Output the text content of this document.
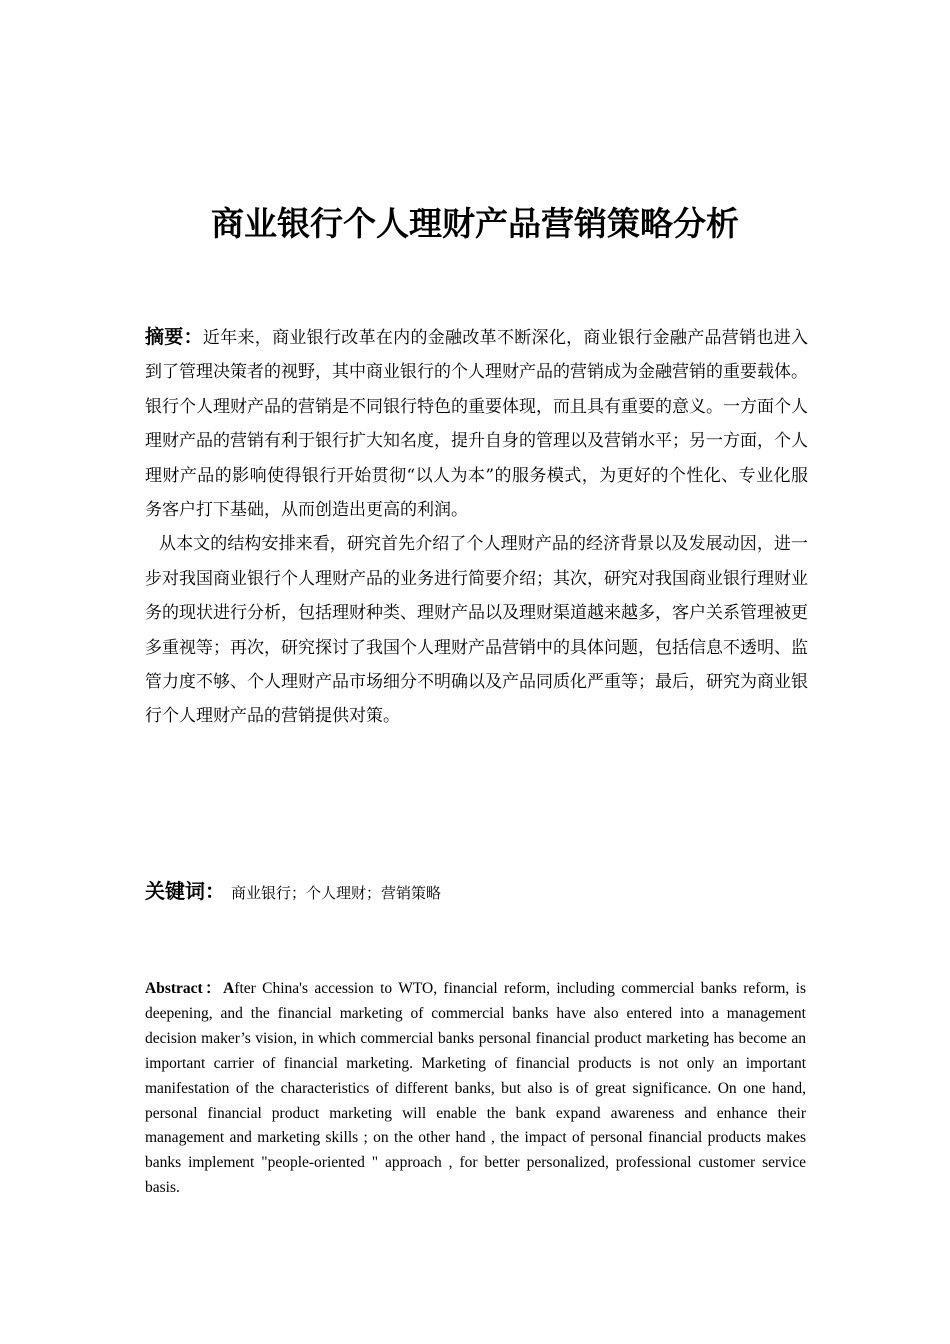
商业银行个人理财产品营销策略分析
摘要：近年来，商业银行改革在内的金融改革不断深化，商业银行金融产品营销也进入到了管理决策者的视野，其中商业银行的个人理财产品的营销成为金融营销的重要载体。银行个人理财产品的营销是不同银行特色的重要体现，而且具有重要的意义。一方面个人理财产品的营销有利于银行扩大知名度，提升自身的管理以及营销水平；另一方面，个人理财产品的影响使得银行开始贯彻“以人为本”的服务模式，为更好的个性化、专业化服务客户打下基础，从而创造出更高的利润。
从本文的结构安排来看，研究首先介绍了个人理财产品的经济背景以及发展动因，进一步对我国商业银行个人理财产品的业务进行简要介绍；其次，研究对我国商业银行理财业务的现状进行分析，包括理财种类、理财产品以及理财渠道越来越多，客户关系管理被更多重视等；再次，研究探讨了我国个人理财产品营销中的具体问题，包括信息不透明、监管力度不够、个人理财产品市场细分不明确以及产品同质化严重等；最后，研究为商业银行个人理财产品的营销提供对策。
关键词： 商业银行；个人理财；营销策略
Abstract：After China's accession to WTO, financial reform, including commercial banks reform, is deepening, and the financial marketing of commercial banks have also entered into a management decision maker’s vision, in which commercial banks personal financial product marketing has become an important carrier of financial marketing. Marketing of financial products is not only an important manifestation of the characteristics of different banks, but also is of great significance. On one hand, personal financial product marketing will enable the bank expand awareness and enhance their management and marketing skills ; on the other hand , the impact of personal financial products makes banks implement "people-oriented " approach , for better personalized, professional customer service basis.
